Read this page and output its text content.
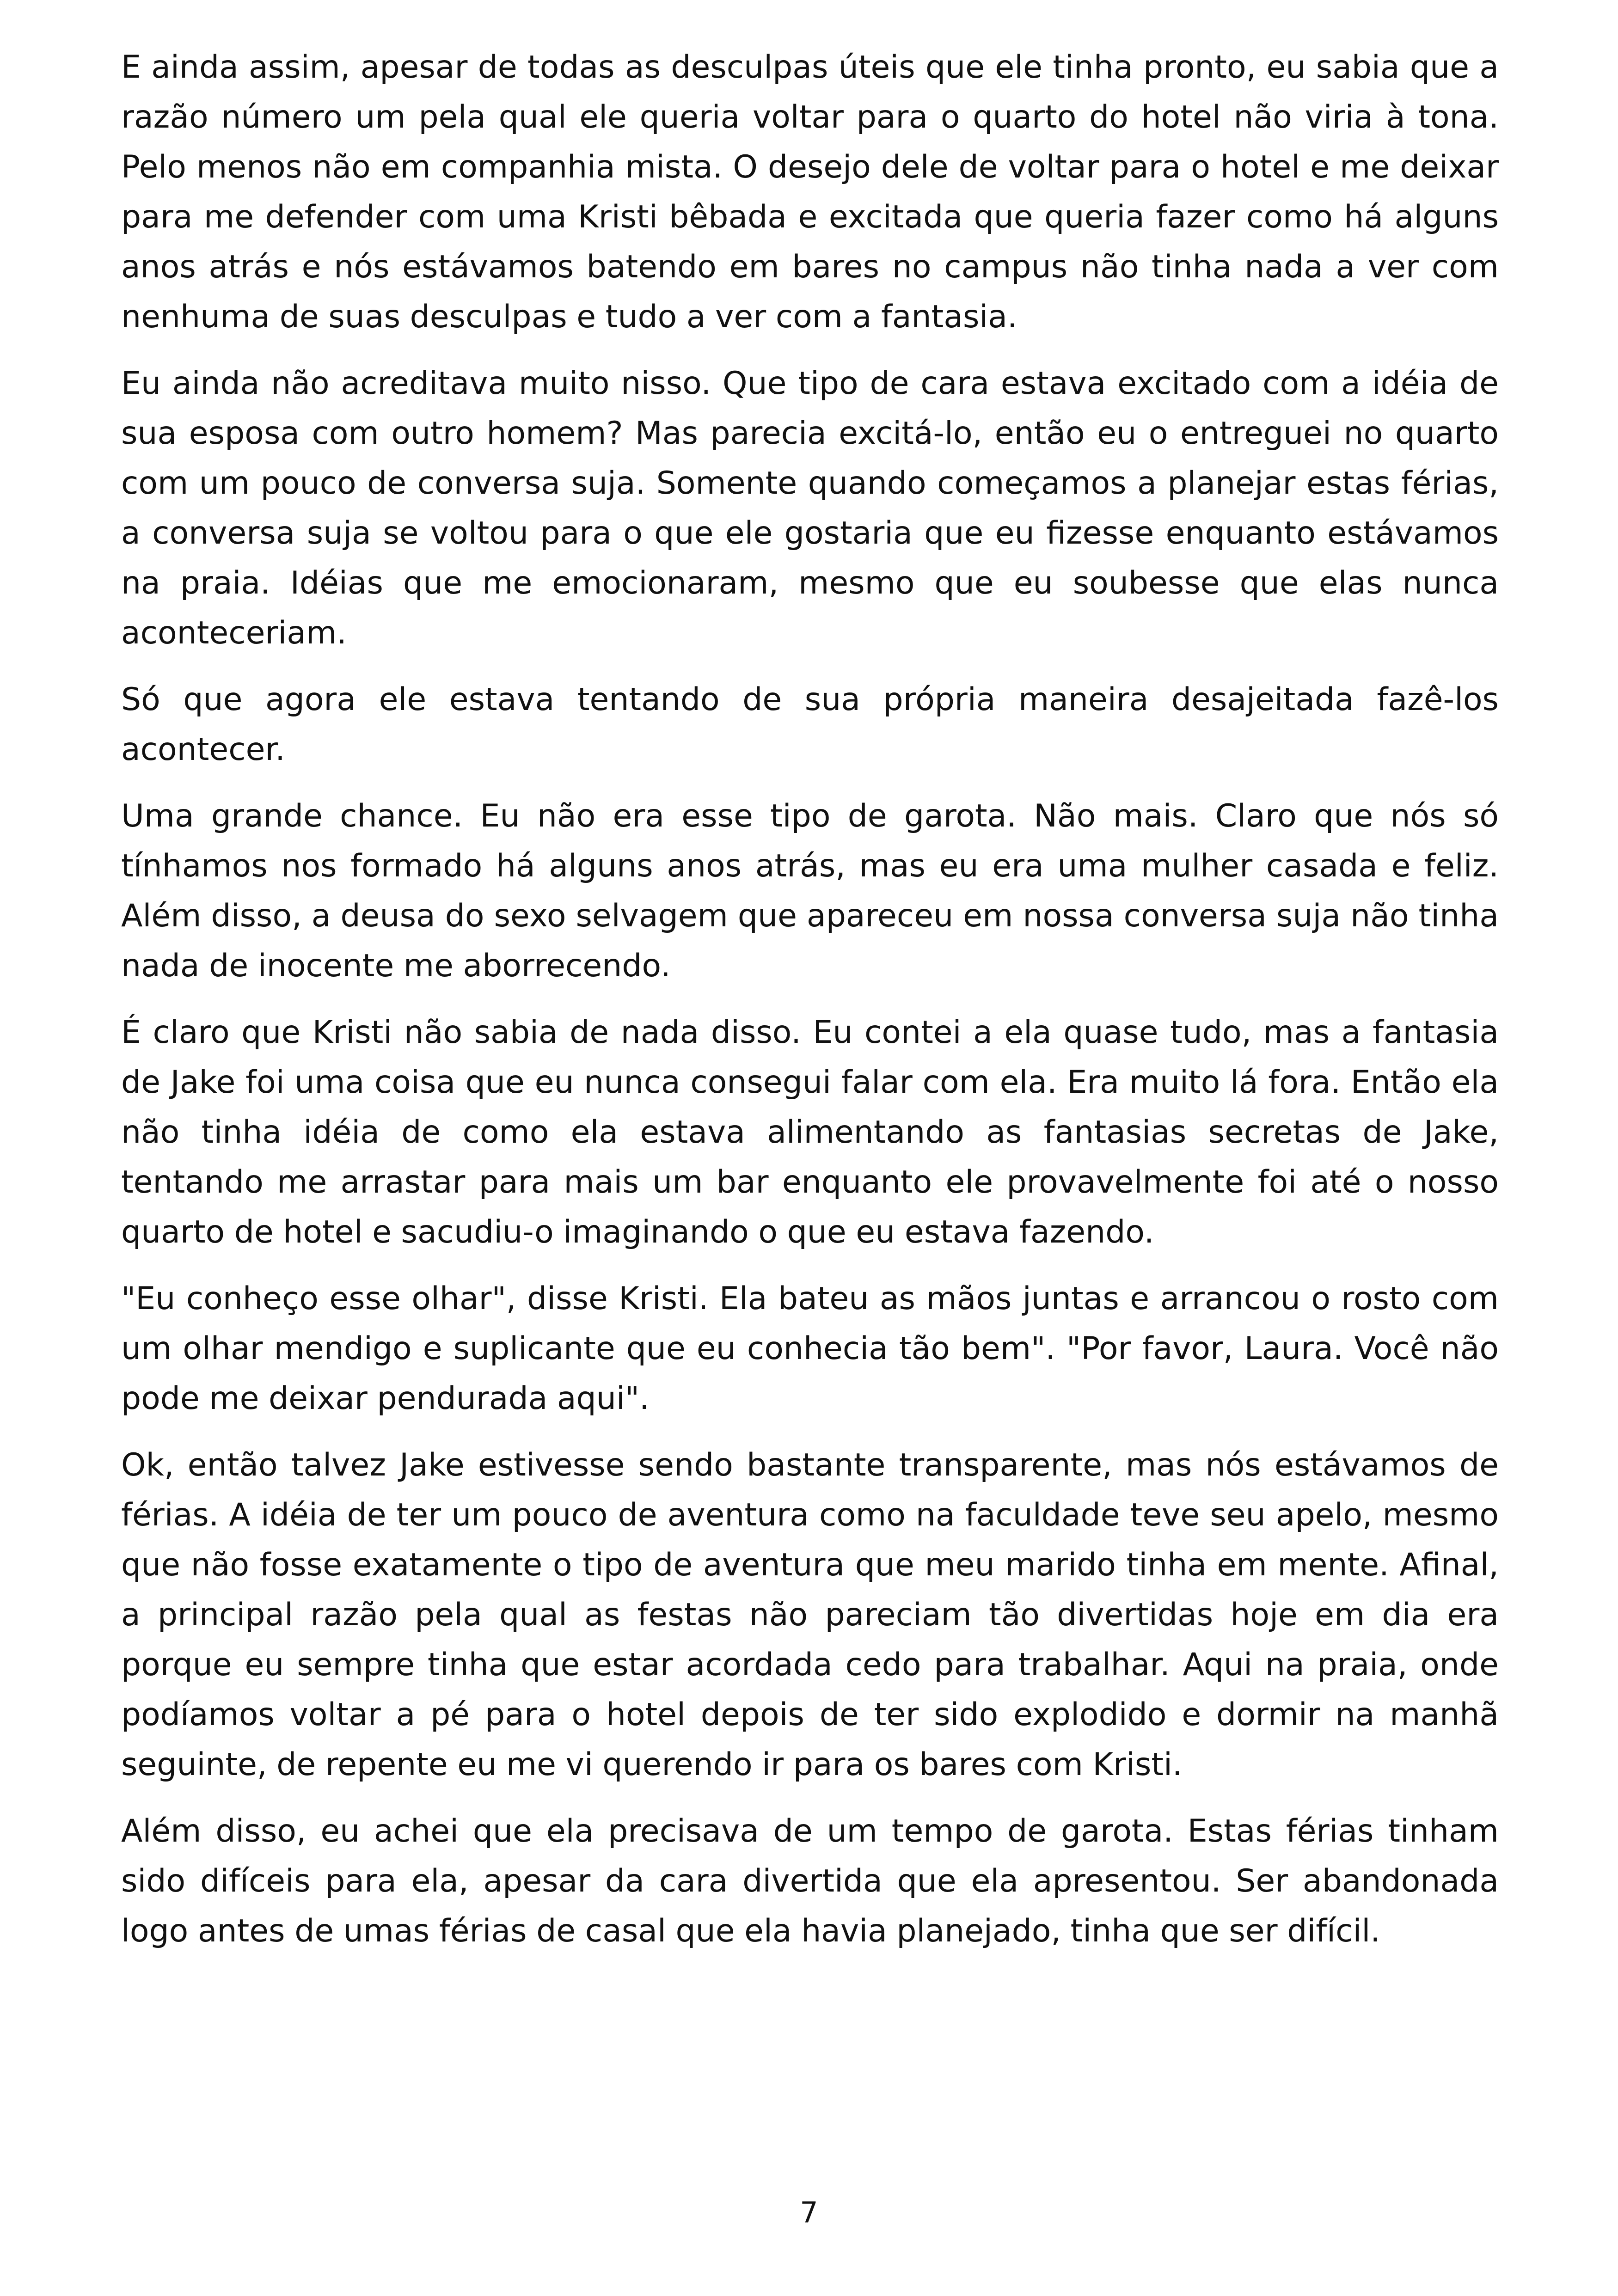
E ainda assim, apesar de todas as desculpas úteis que ele tinha pronto, eu sabia que a razão número um pela qual ele queria voltar para o quarto do hotel não viria à tona. Pelo menos não em companhia mista. O desejo dele de voltar para o hotel e me deixar para me defender com uma Kristi bêbada e excitada que queria fazer como há alguns anos atrás e nós estávamos batendo em bares no campus não tinha nada a ver com nenhuma de suas desculpas e tudo a ver com a fantasia.

Eu ainda não acreditava muito nisso. Que tipo de cara estava excitado com a idéia de sua esposa com outro homem? Mas parecia excitá-lo, então eu o entreguei no quarto com um pouco de conversa suja. Somente quando começamos a planejar estas férias, a conversa suja se voltou para o que ele gostaria que eu fizesse enquanto estávamos na praia. Idéias que me emocionaram, mesmo que eu soubesse que elas nunca aconteceriam.

Só que agora ele estava tentando de sua própria maneira desajeitada fazê-los acontecer.

Uma grande chance. Eu não era esse tipo de garota. Não mais. Claro que nós só tínhamos nos formado há alguns anos atrás, mas eu era uma mulher casada e feliz. Além disso, a deusa do sexo selvagem que apareceu em nossa conversa suja não tinha nada de inocente me aborrecendo.

É claro que Kristi não sabia de nada disso. Eu contei a ela quase tudo, mas a fantasia de Jake foi uma coisa que eu nunca consegui falar com ela. Era muito lá fora. Então ela não tinha idéia de como ela estava alimentando as fantasias secretas de Jake, tentando me arrastar para mais um bar enquanto ele provavelmente foi até o nosso quarto de hotel e sacudiu-o imaginando o que eu estava fazendo.

"Eu conheço esse olhar", disse Kristi. Ela bateu as mãos juntas e arrancou o rosto com um olhar mendigo e suplicante que eu conhecia tão bem". "Por favor, Laura. Você não pode me deixar pendurada aqui".

Ok, então talvez Jake estivesse sendo bastante transparente, mas nós estávamos de férias. A idéia de ter um pouco de aventura como na faculdade teve seu apelo, mesmo que não fosse exatamente o tipo de aventura que meu marido tinha em mente. Afinal, a principal razão pela qual as festas não pareciam tão divertidas hoje em dia era porque eu sempre tinha que estar acordada cedo para trabalhar. Aqui na praia, onde podíamos voltar a pé para o hotel depois de ter sido explodido e dormir na manhã seguinte, de repente eu me vi querendo ir para os bares com Kristi.

Além disso, eu achei que ela precisava de um tempo de garota. Estas férias tinham sido difíceis para ela, apesar da cara divertida que ela apresentou. Ser abandonada logo antes de umas férias de casal que ela havia planejado, tinha que ser difícil.

7
